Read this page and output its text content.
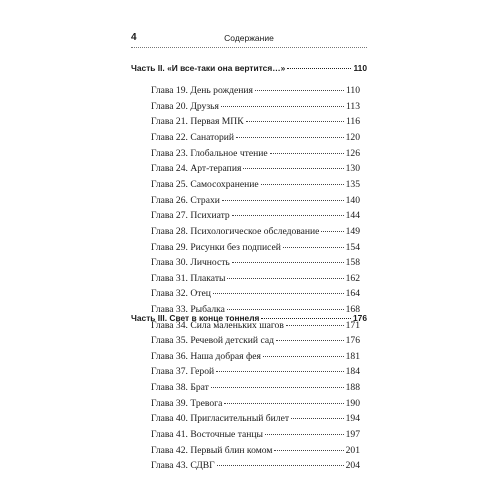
4	Содержание
Часть II. «И все-таки она вертится…»	110
Глава 19. День рождения	110
Глава 20. Друзья	113
Глава 21. Первая МПК	116
Глава 22. Санаторий	120
Глава 23. Глобальное чтение	126
Глава 24. Арт-терапия	130
Глава 25. Самосохранение	135
Глава 26. Страхи	140
Глава 27. Психиатр	144
Глава 28. Психологическое обследование	149
Глава 29. Рисунки без подписей	154
Глава 30. Личность	158
Глава 31. Плакаты	162
Глава 32. Отец	164
Глава 33. Рыбалка	168
Глава 34. Сила маленьких шагов	171
Часть III. Свет в конце тоннеля	176
Глава 35. Речевой детский сад	176
Глава 36. Наша добрая фея	181
Глава 37. Герой	184
Глава 38. Брат	188
Глава 39. Тревога	190
Глава 40. Пригласительный билет	194
Глава 41. Восточные танцы	197
Глава 42. Первый блин комом	201
Глава 43. СДВГ	204
